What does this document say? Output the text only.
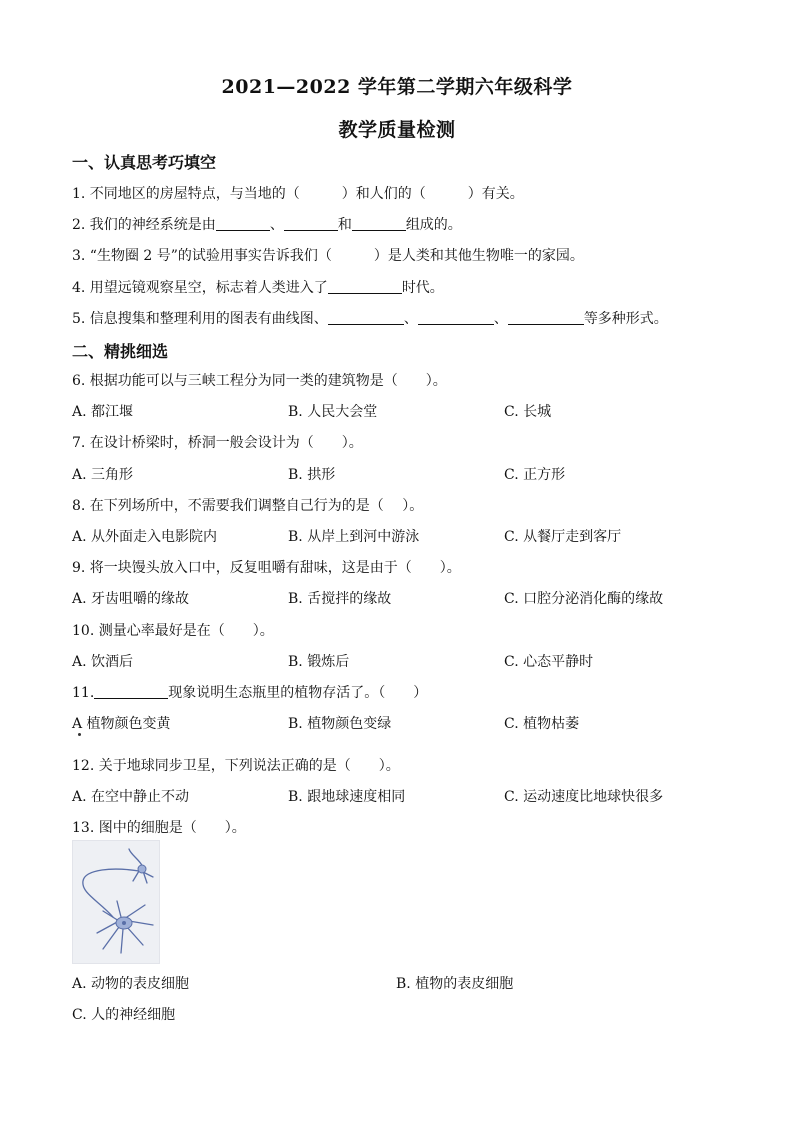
2021—2022 学年第二学期六年级科学
教学质量检测
一、认真思考巧填空
1. 不同地区的房屋特点，与当地的（　　　）和人们的（　　　）有关。
2. 我们的神经系统是由	、	和	组成的。
3. “生物圈 2 号”的试验用事实告诉我们（　　　）是人类和其他生物唯一的家园。
4. 用望远镜观察星空，标志着人类进入了	时代。
5. 信息搜集和整理利用的图表有曲线图、	、	、	等多种形式。
二、精挑细选
6. 根据功能可以与三峡工程分为同一类的建筑物是（　　）。
A. 都江堰	B. 人民大会堂	C. 长城
7. 在设计桥梁时，桥洞一般会设计为（　　）。
A. 三角形	B. 拱形	C. 正方形
8. 在下列场所中，不需要我们调整自己行为的是（　 ）。
A. 从外面走入电影院内	B. 从岸上到河中游泳	C. 从餐厅走到客厅
9. 将一块馒头放入口中，反复咀嚼有甜味，这是由于（　　）。
A. 牙齿咀嚼的缘故	B. 舌搅拌的缘故	C. 口腔分泌消化酶的缘故
10. 测量心率最好是在（　　）。
A. 饮酒后	B. 锻炼后	C. 心态平静时
11.	现象说明生态瓶里的植物存活了。（　　）
A 植物颜色变黄	B. 植物颜色变绿	C. 植物枯萎
12. 关于地球同步卫星，下列说法正确的是（　　）。
A. 在空中静止不动	B. 跟地球速度相同	C. 运动速度比地球快很多
13. 图中的细胞是（　　）。
A. 动物的表皮细胞	B. 植物的表皮细胞
C. 人的神经细胞
